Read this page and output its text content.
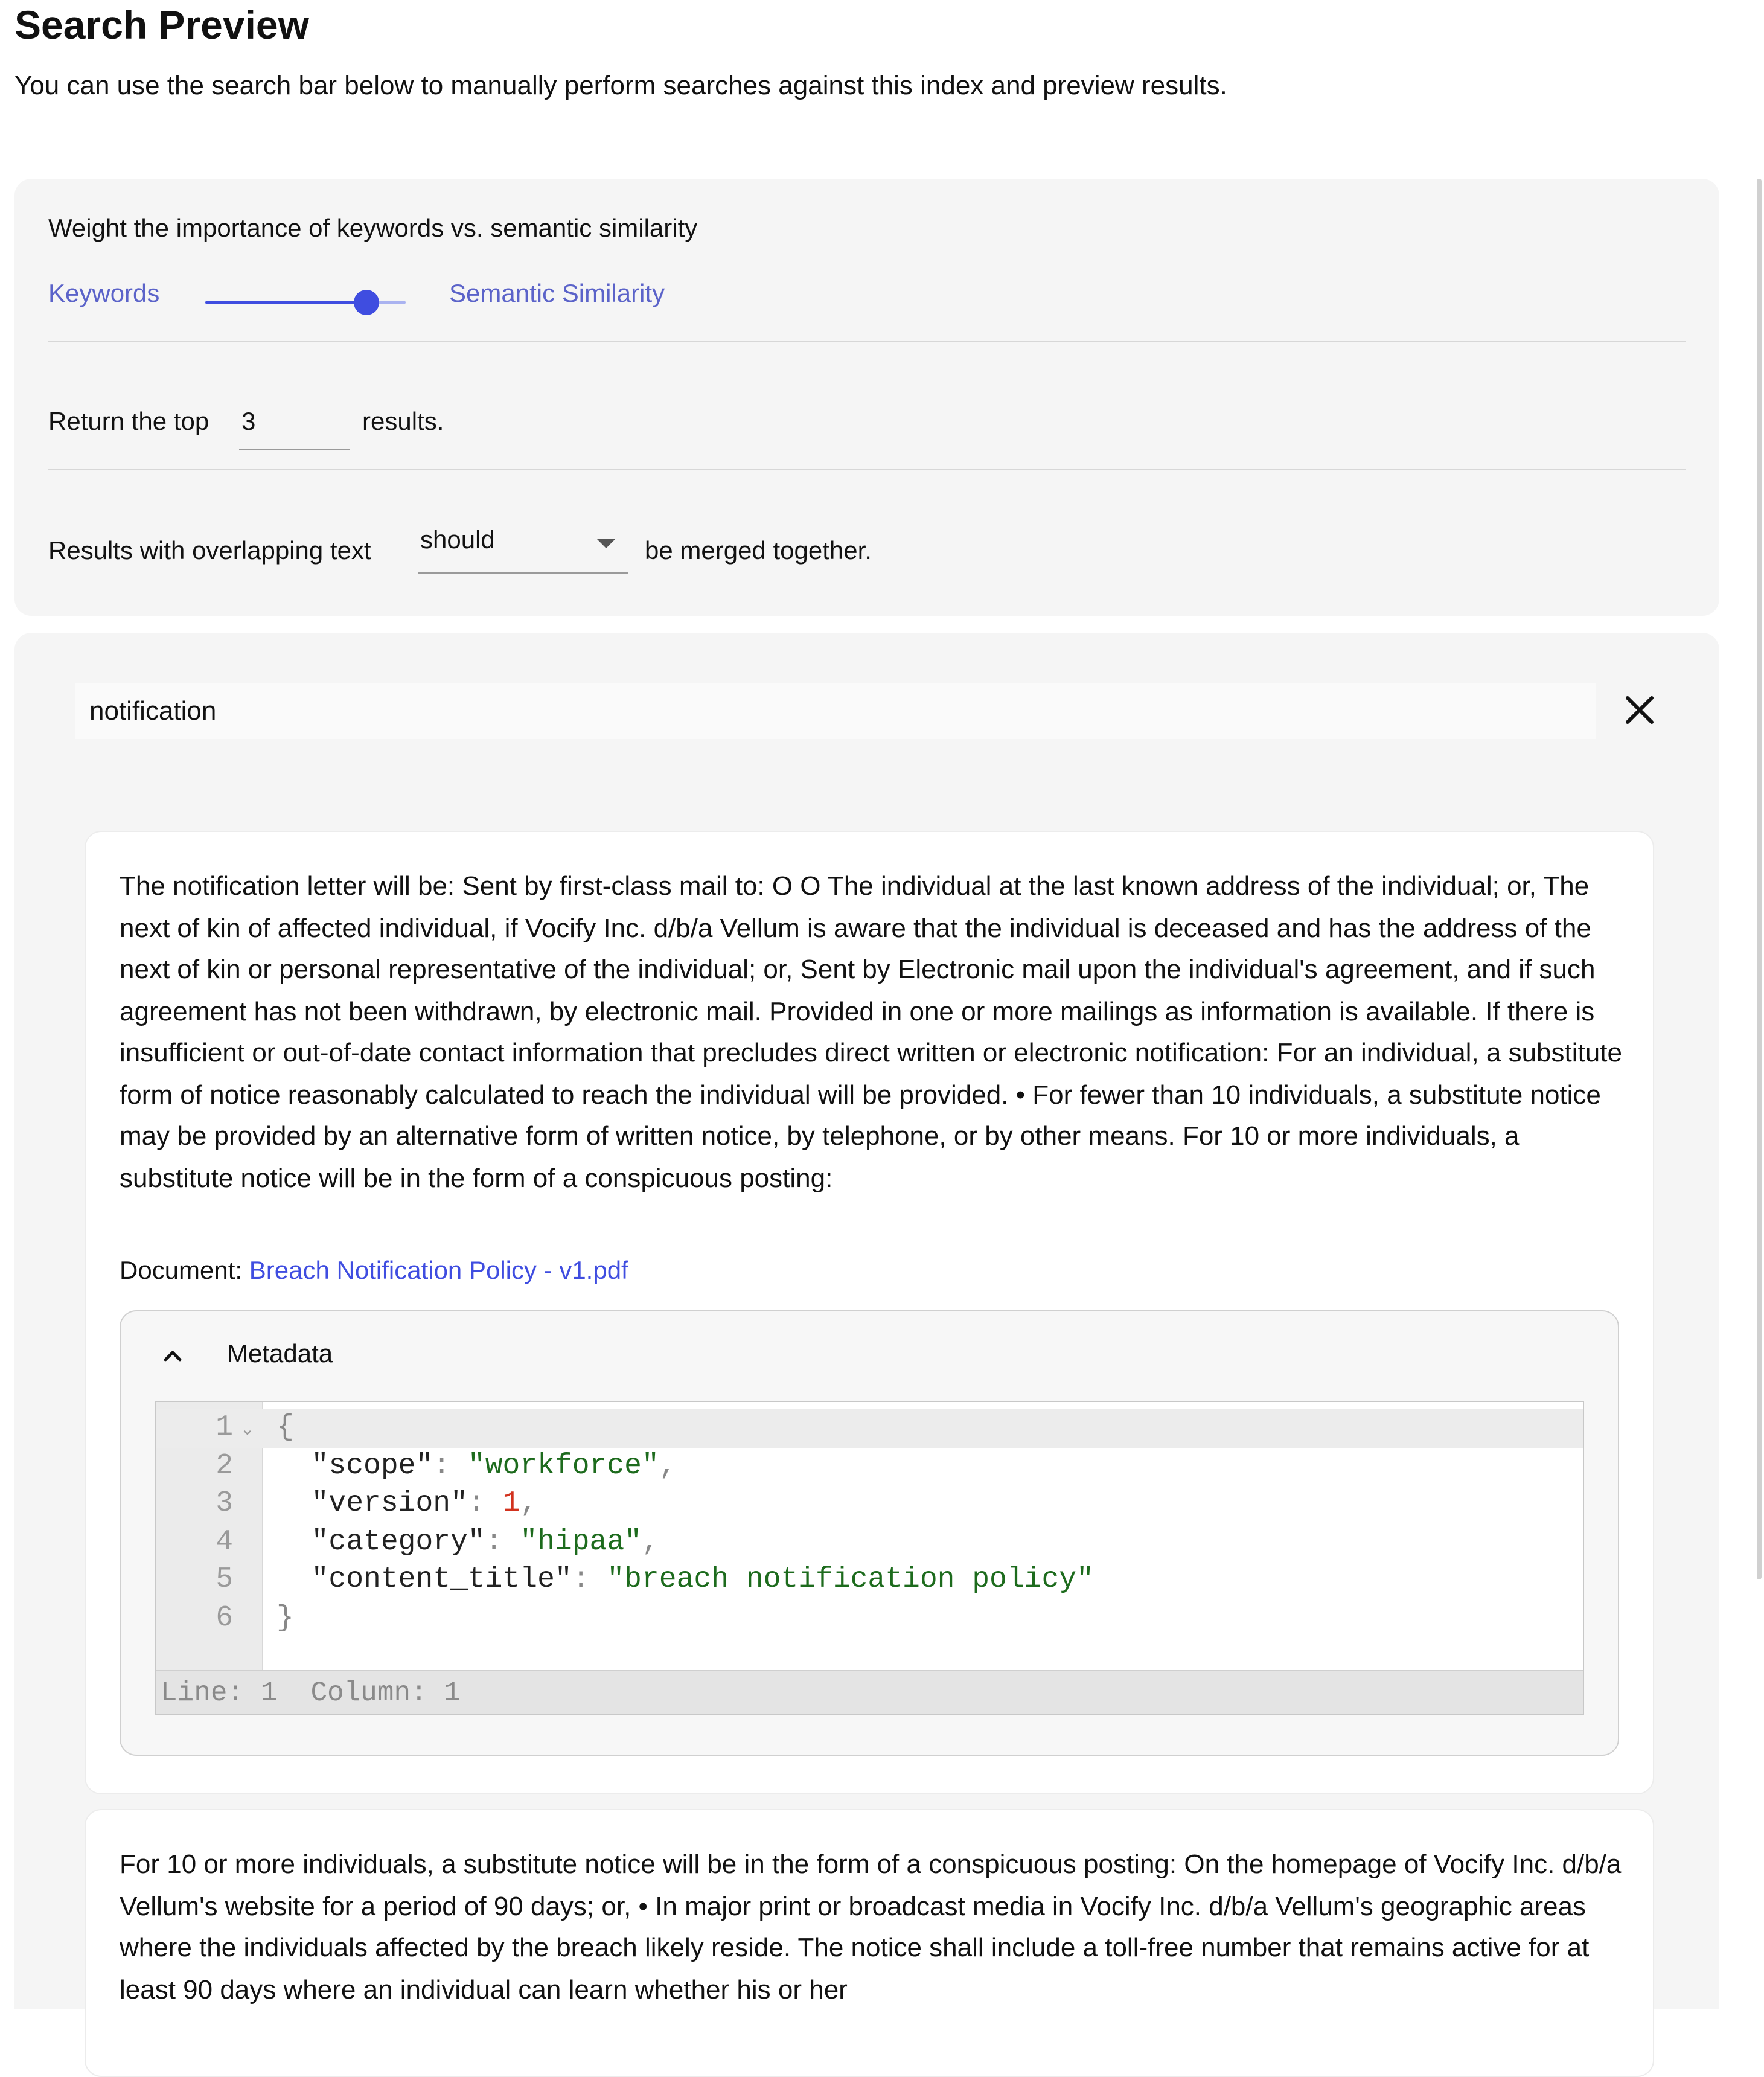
Search Preview
You can use the search bar below to manually perform searches against this index and preview results.
Weight the importance of keywords vs. semantic similarity
Keywords	Semantic Similarity
Return the top
3	results.
Results with overlapping text	should	be merged together.
notification

The notification letter will be: Sent by first-class mail to: O O The individual at the last known address of the individual; or, The next of kin of affected individual, if Vocify Inc. d/b/a Vellum is aware that the individual is deceased and has the address of the next of kin or personal representative of the individual; or, Sent by Electronic mail upon the individual's agreement, and if such agreement has not been withdrawn, by electronic mail. Provided in one or more mailings as information is available. If there is insufficient or out-of-date contact information that precludes direct written or electronic notification: For an individual, a substitute form of notice reasonably calculated to reach the individual will be provided. • For fewer than 10 individuals, a substitute notice may be provided by an alternative form of written notice, by telephone, or by other means. For 10 or more individuals, a substitute notice will be in the form of a conspicuous posting:

Document: Breach Notification Policy - v1.pdf
Metadata
1 ⌄ {
2	"scope": "workforce",
3	"version": 1,
4	"category": "hipaa",
5	"content_title": "breach notification policy"
6	}
Line: 1  Column: 1

For 10 or more individuals, a substitute notice will be in the form of a conspicuous posting: On the homepage of Vocify Inc. d/b/a Vellum's website for a period of 90 days; or, • In major print or broadcast media in Vocify Inc. d/b/a Vellum's geographic areas where the individuals affected by the breach likely reside. The notice shall include a toll-free number that remains active for at least 90 days where an individual can learn whether his or her
